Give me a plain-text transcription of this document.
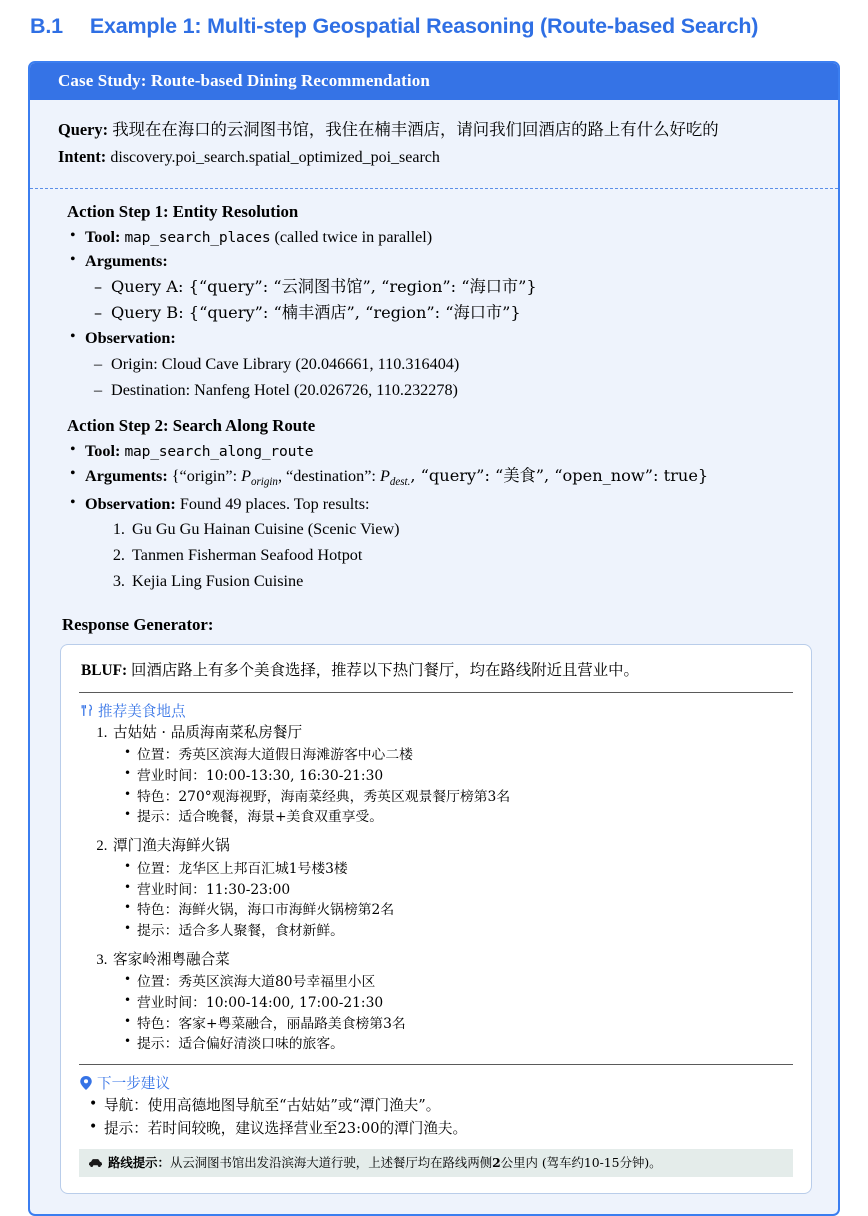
B.1 Example 1: Multi-step Geospatial Reasoning (Route-based Search)
Case Study: Route-based Dining Recommendation
Query: 我现在在海口的云洞图书馆，我住在楠丰酒店，请问我们回酒店的路上有什么好吃的
Intent: discovery.poi_search.spatial_optimized_poi_search
Action Step 1: Entity Resolution
• Tool: map_search_places (called twice in parallel)
• Arguments:
– Query A: {“query”: “云洞图书馆”, “region”: “海口市”}
– Query B: {“query”: “楠丰酒店”, “region”: “海口市”}
• Observation:
– Origin: Cloud Cave Library (20.046661, 110.316404)
– Destination: Nanfeng Hotel (20.026726, 110.232278)
Action Step 2: Search Along Route
• Tool: map_search_along_route
• Arguments: {“origin”: $P_{origin}$, “destination”: $P_{dest.}$, “query”: “美食”, “open_now”: true}
• Observation: Found 49 places. Top results:
1. Gu Gu Gu Hainan Cuisine (Scenic View)
2. Tanmen Fisherman Seafood Hotpot
3. Kejia Ling Fusion Cuisine
Response Generator:
BLUF: 回酒店路上有多个美食选择，推荐以下热门餐厅，均在路线附近且营业中。
推荐美食地点
1. 古姑姑 · 品质海南菜私房餐厅
• 位置：秀英区滨海大道假日海滩游客中心二楼
• 营业时间：10:00-13:30, 16:30-21:30
• 特色：270°观海视野，海南菜经典，秀英区观景餐厅榜第3名
• 提示：适合晚餐，海景+美食双重享受。
2. 潭门渔夫海鲜火锅
• 位置：龙华区上邦百汇城1号楼3楼
• 营业时间：11:30-23:00
• 特色：海鲜火锅，海口市海鲜火锅榜第2名
• 提示：适合多人聚餐，食材新鲜。
3. 客家岭湘粤融合菜
• 位置：秀英区滨海大道80号幸福里小区
• 营业时间：10:00-14:00, 17:00-21:30
• 特色：客家+粤菜融合，丽晶路美食榜第3名
• 提示：适合偏好清淡口味的旅客。
下一步建议
• 导航：使用高德地图导航至“古姑姑”或“潭门渔夫”。
• 提示：若时间较晚，建议选择营业至23:00的潭门渔夫。
路线提示：从云洞图书馆出发沿滨海大道行驶，上述餐厅均在路线两侧2公里内 (驾车约10-15分钟)。
